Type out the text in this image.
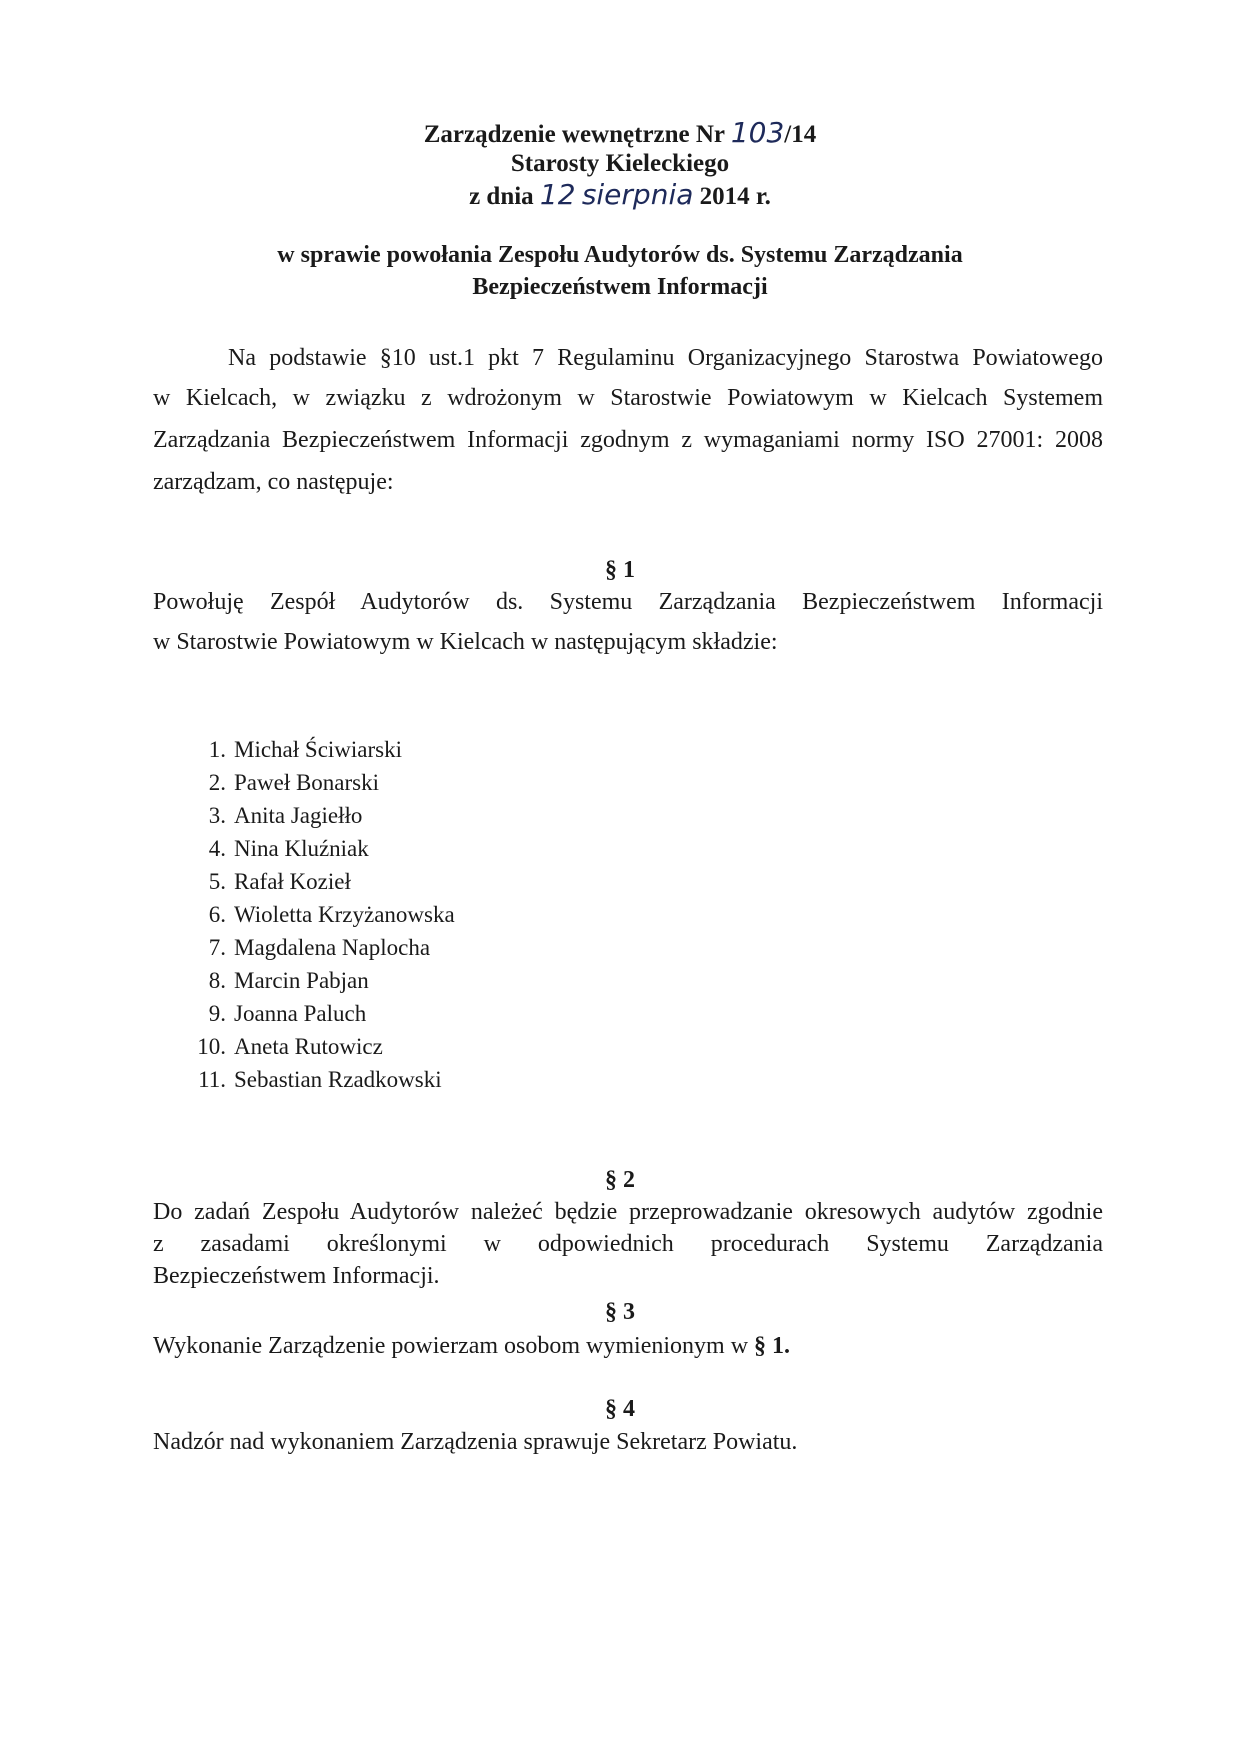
Zarządzenie wewnętrzne Nr 103/14
Starosty Kieleckiego
z dnia 12 sierpnia 2014 r.
w sprawie powołania Zespołu Audytorów ds. Systemu Zarządzania
Bezpieczeństwem Informacji
Na podstawie §10 ust.1 pkt 7 Regulaminu Organizacyjnego Starostwa Powiatowego
w Kielcach, w związku z wdrożonym w Starostwie Powiatowym w Kielcach Systemem
Zarządzania Bezpieczeństwem Informacji zgodnym z wymaganiami normy ISO 27001: 2008
zarządzam, co następuje:
§ 1
Powołuję Zespół Audytorów ds. Systemu Zarządzania Bezpieczeństwem Informacji
w Starostwie Powiatowym w Kielcach w następującym składzie:
1. Michał Ściwiarski
2. Paweł Bonarski
3. Anita Jagiełło
4. Nina Kluźniak
5. Rafał Kozieł
6. Wioletta Krzyżanowska
7. Magdalena Naplocha
8. Marcin Pabjan
9. Joanna Paluch
10. Aneta Rutowicz
11. Sebastian Rzadkowski
§ 2
Do zadań Zespołu Audytorów należeć będzie przeprowadzanie okresowych audytów zgodnie
z zasadami określonymi w odpowiednich procedurach Systemu Zarządzania
Bezpieczeństwem Informacji.
§ 3
Wykonanie Zarządzenie powierzam osobom wymienionym w § 1.
§ 4
Nadzór nad wykonaniem Zarządzenia sprawuje Sekretarz Powiatu.
